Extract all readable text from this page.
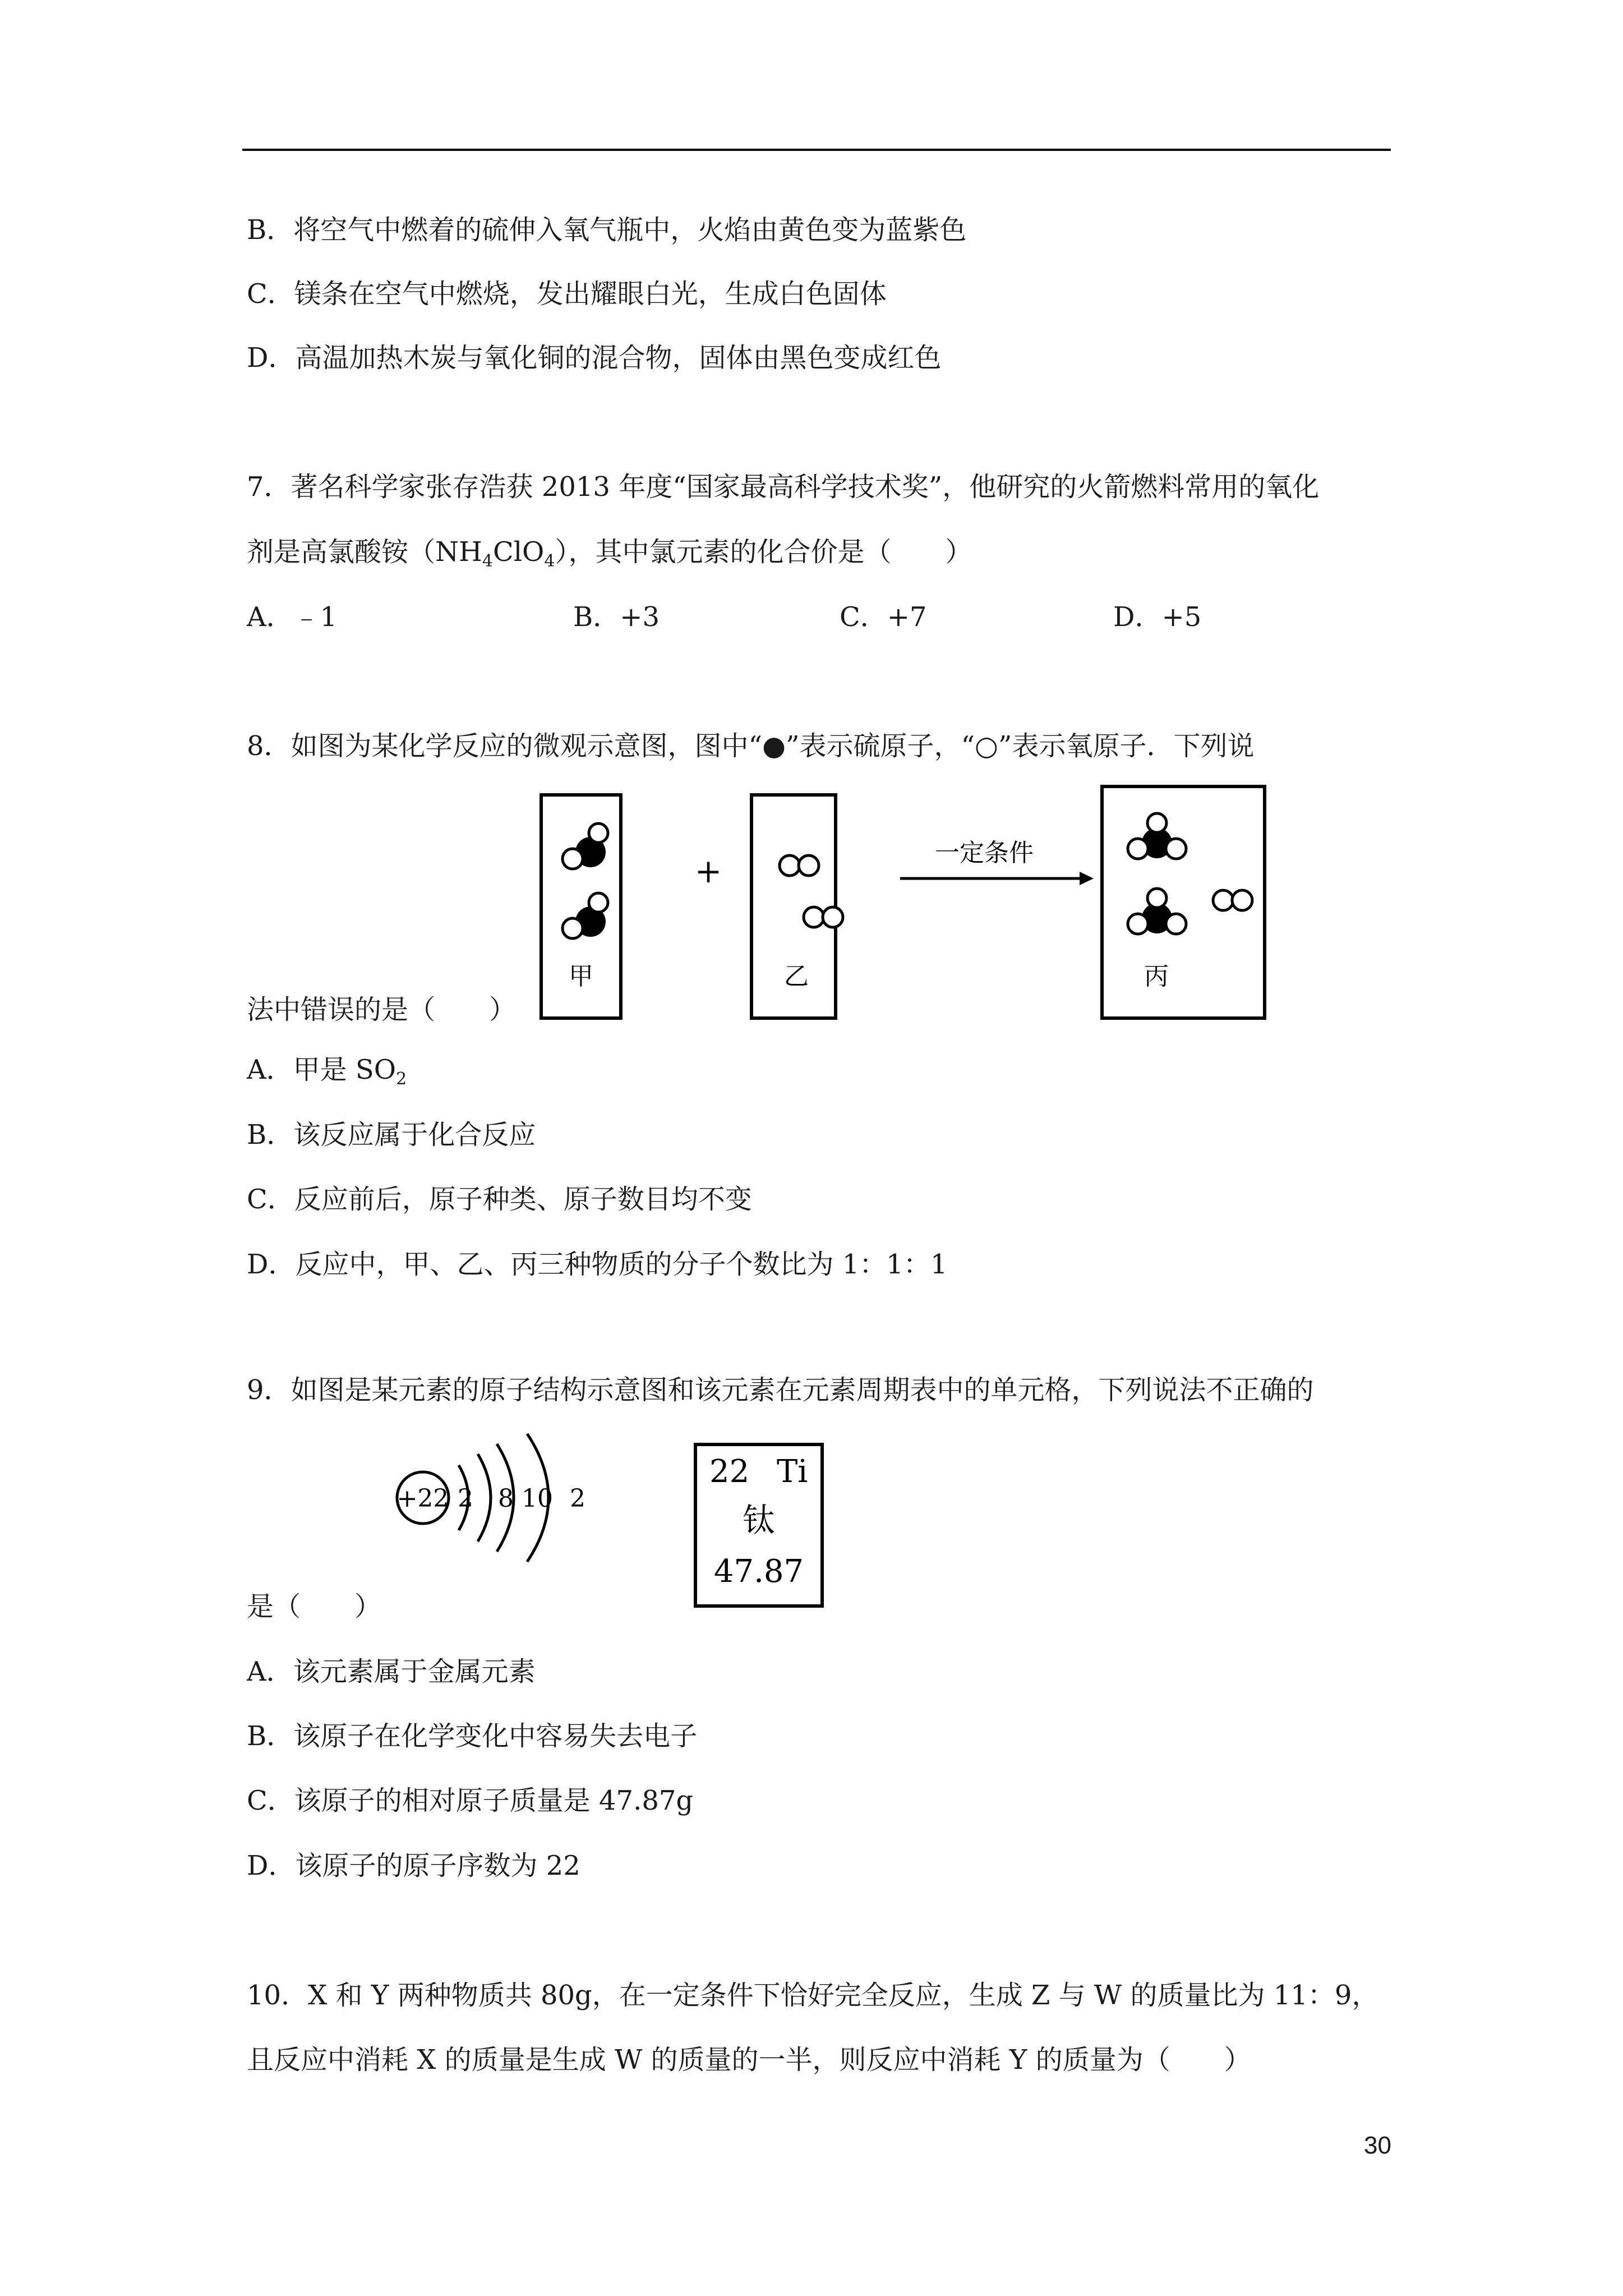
B．将空气中燃着的硫伸入氧气瓶中，火焰由黄色变为蓝紫色
C．镁条在空气中燃烧，发出耀眼白光，生成白色固体
D．高温加热木炭与氧化铜的混合物，固体由黑色变成红色
7．著名科学家张存浩获 2013 年度“国家最高科学技术奖”，他研究的火箭燃料常用的氧化
剂是高氯酸铵$(NH_4ClO_4)$，其中氯元素的化合价是（　　）
A．﹣1	B．+3	C．+7	D．+5
8．如图为某化学反应的微观示意图，图中“●”表示硫原子，“○”表示氧原子．下列说
甲
+
乙
一定条件
丙
法中错误的是（　　）
A．甲是 $SO_2$
B．该反应属于化合反应
C．反应前后，原子种类、原子数目均不变
D．反应中，甲、乙、丙三种物质的分子个数比为 1：1：1
9．如图是某元素的原子结构示意图和该元素在元素周期表中的单元格，下列说法不正确的
+22 2 8 10 2
22 Ti
钛
47.87
是（　　）
A．该元素属于金属元素
B．该原子在化学变化中容易失去电子
C．该原子的相对原子质量是 47.87g
D．该原子的原子序数为 22
10．X 和 Y 两种物质共 80g，在一定条件下恰好完全反应，生成 Z 与 W 的质量比为 11：9，
且反应中消耗 X 的质量是生成 W 的质量的一半，则反应中消耗 Y 的质量为（　　）
30
